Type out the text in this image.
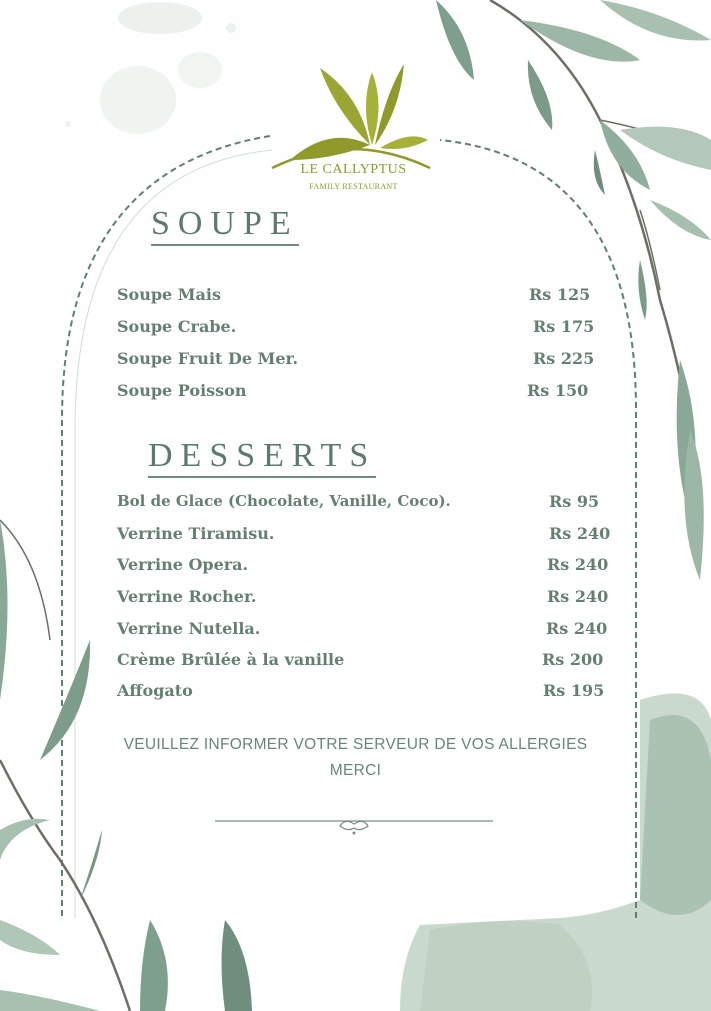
LE CALLYPTUS
FAMILY RESTAURANT
SOUPE
Soupe Mais	Rs 125
Soupe Crabe.	Rs 175
Soupe Fruit De Mer.	Rs 225
Soupe Poisson	Rs 150
DESSERTS
Bol de Glace (Chocolate, Vanille, Coco).	Rs 95
Verrine Tiramisu.	Rs 240
Verrine Opera.	Rs 240
Verrine Rocher.	Rs 240
Verrine Nutella.	Rs 240
Crème Brûlée à la vanille	Rs 200
Affogato	Rs 195
VEUILLEZ INFORMER VOTRE SERVEUR DE VOS ALLERGIES
MERCI
